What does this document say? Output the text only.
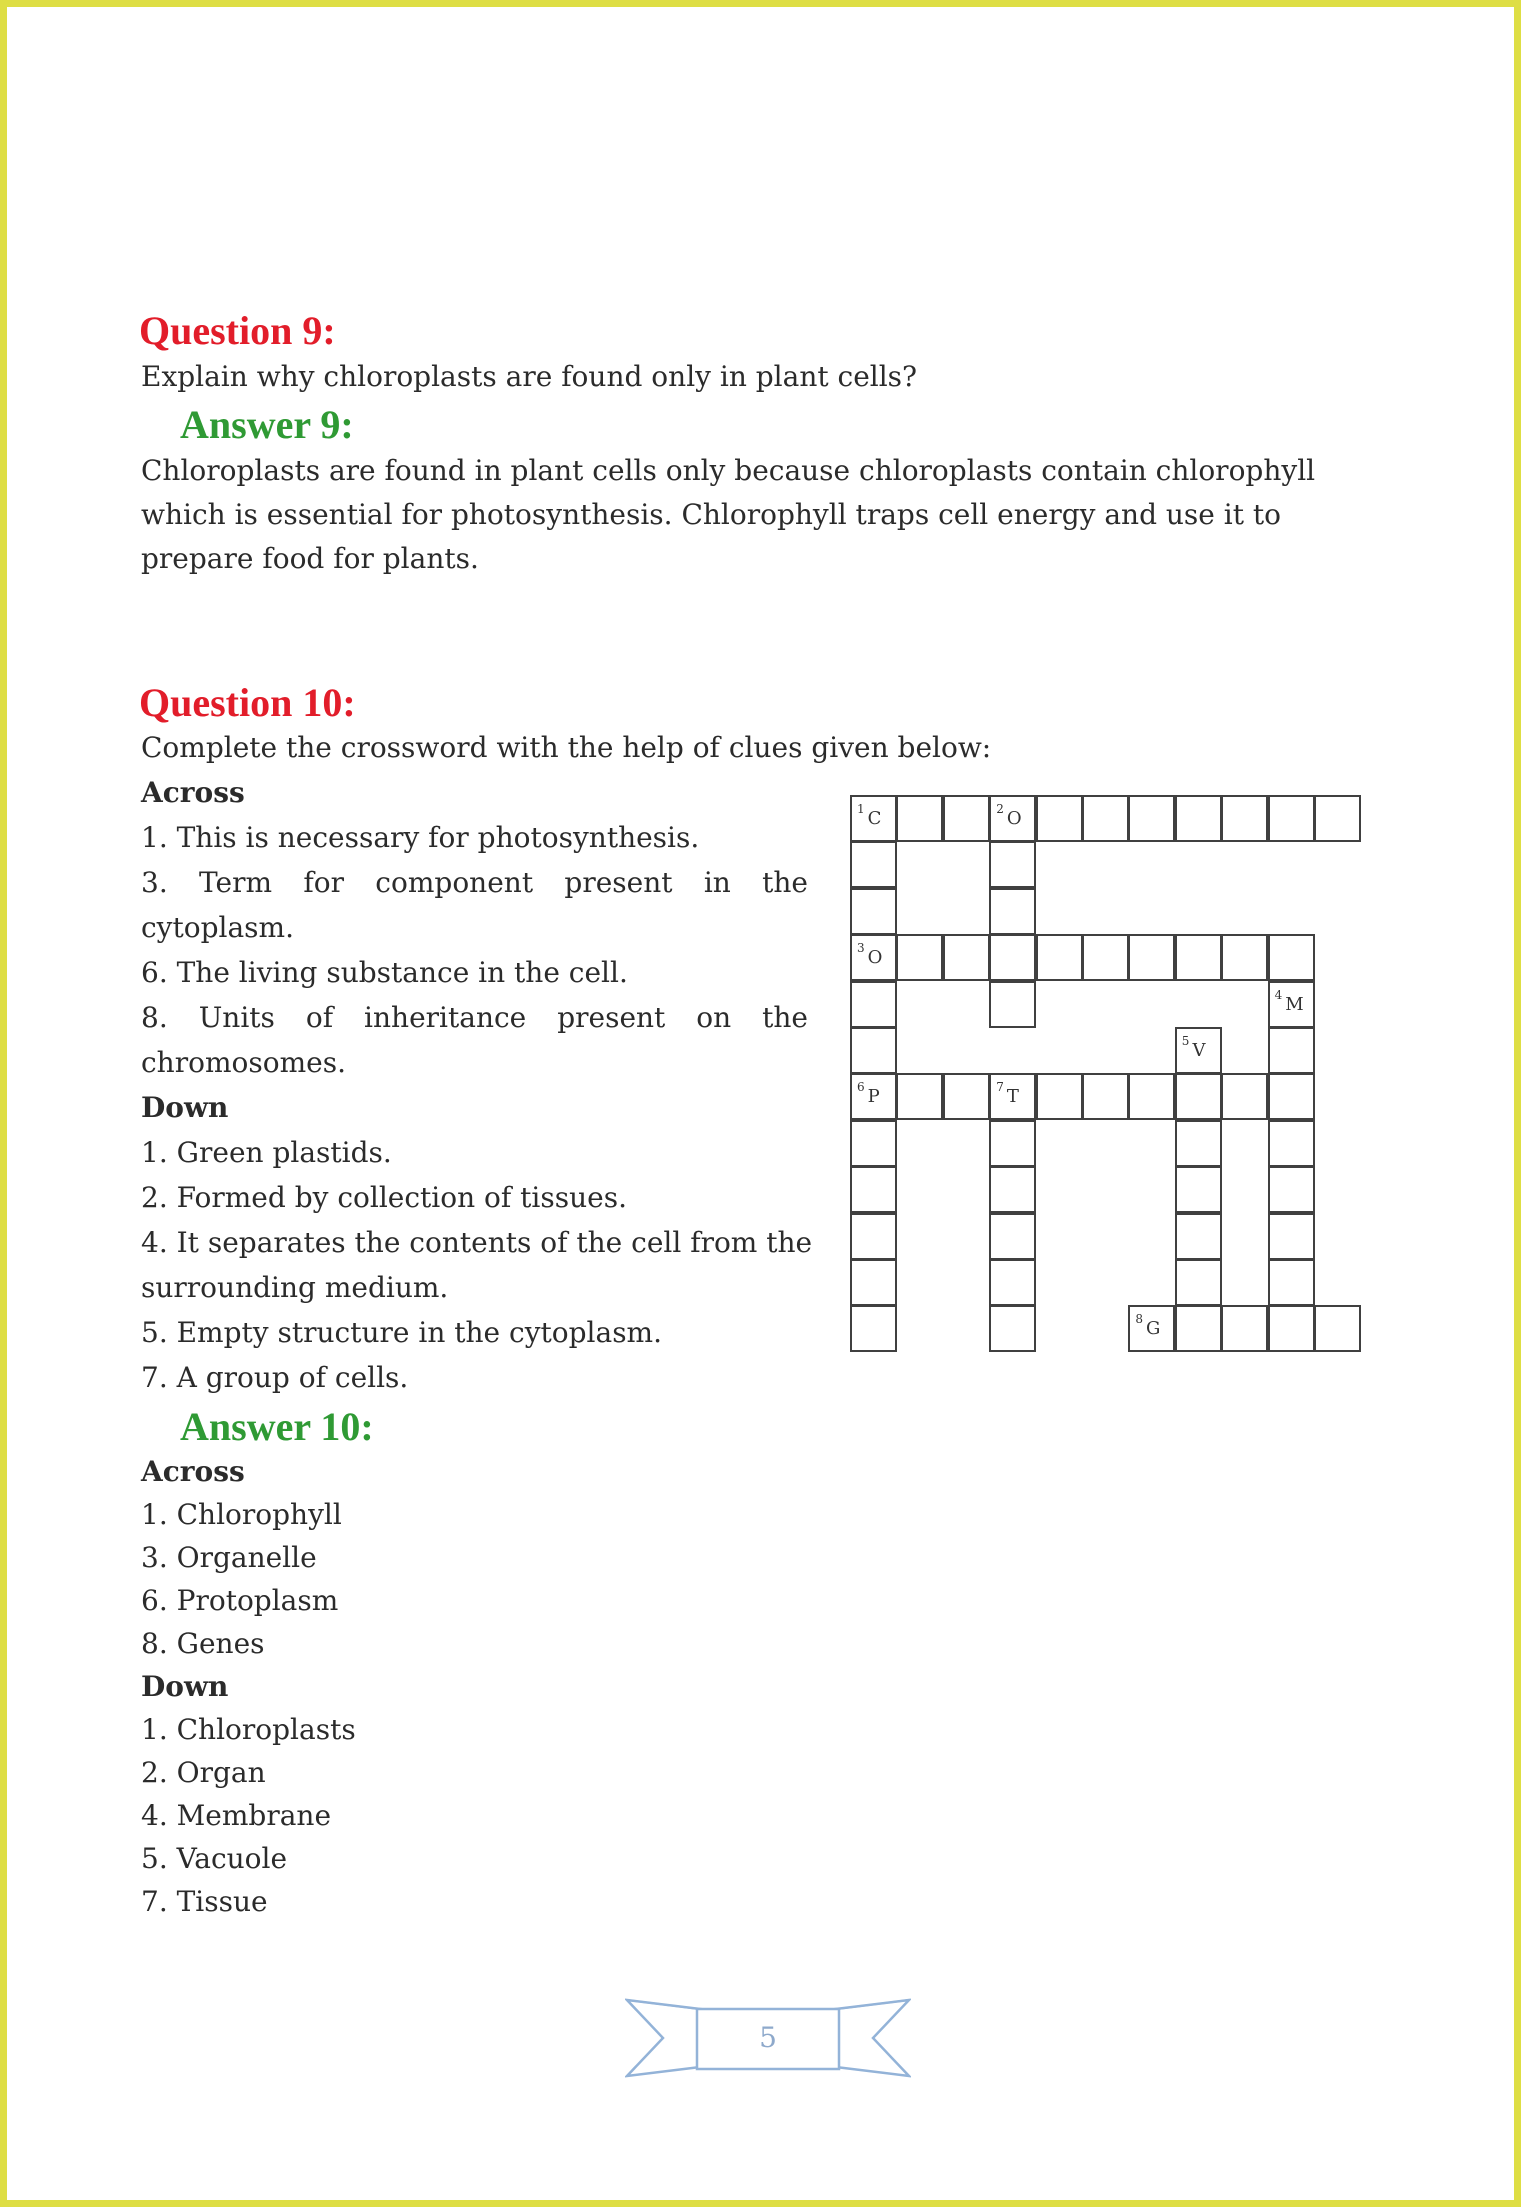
Question 9:
Explain why chloroplasts are found only in plant cells?
Answer 9:
Chloroplasts are found in plant cells only because chloroplasts contain chlorophyll which is essential for photosynthesis. Chlorophyll traps cell energy and use it to prepare food for plants.
Question 10:
Complete the crossword with the help of clues given below:
Across
1. This is necessary for photosynthesis.
3. Term for component present in the
cytoplasm.
6. The living substance in the cell.
8. Units of inheritance present on the
chromosomes.
Down
1. Green plastids.
2. Formed by collection of tissues.
4. It separates the contents of the cell from the
surrounding medium.
5. Empty structure in the cytoplasm.
7. A group of cells.
$^1$ C	$^2$ O
$^3$ O
$^4$ M
$^5$ V
$^6$ P	$^7$ T
$^8$ G
Answer 10:
Across
1. Chlorophyll
3. Organelle
6. Protoplasm
8. Genes
Down
1. Chloroplasts
2. Organ
4. Membrane
5. Vacuole
7. Tissue
5
